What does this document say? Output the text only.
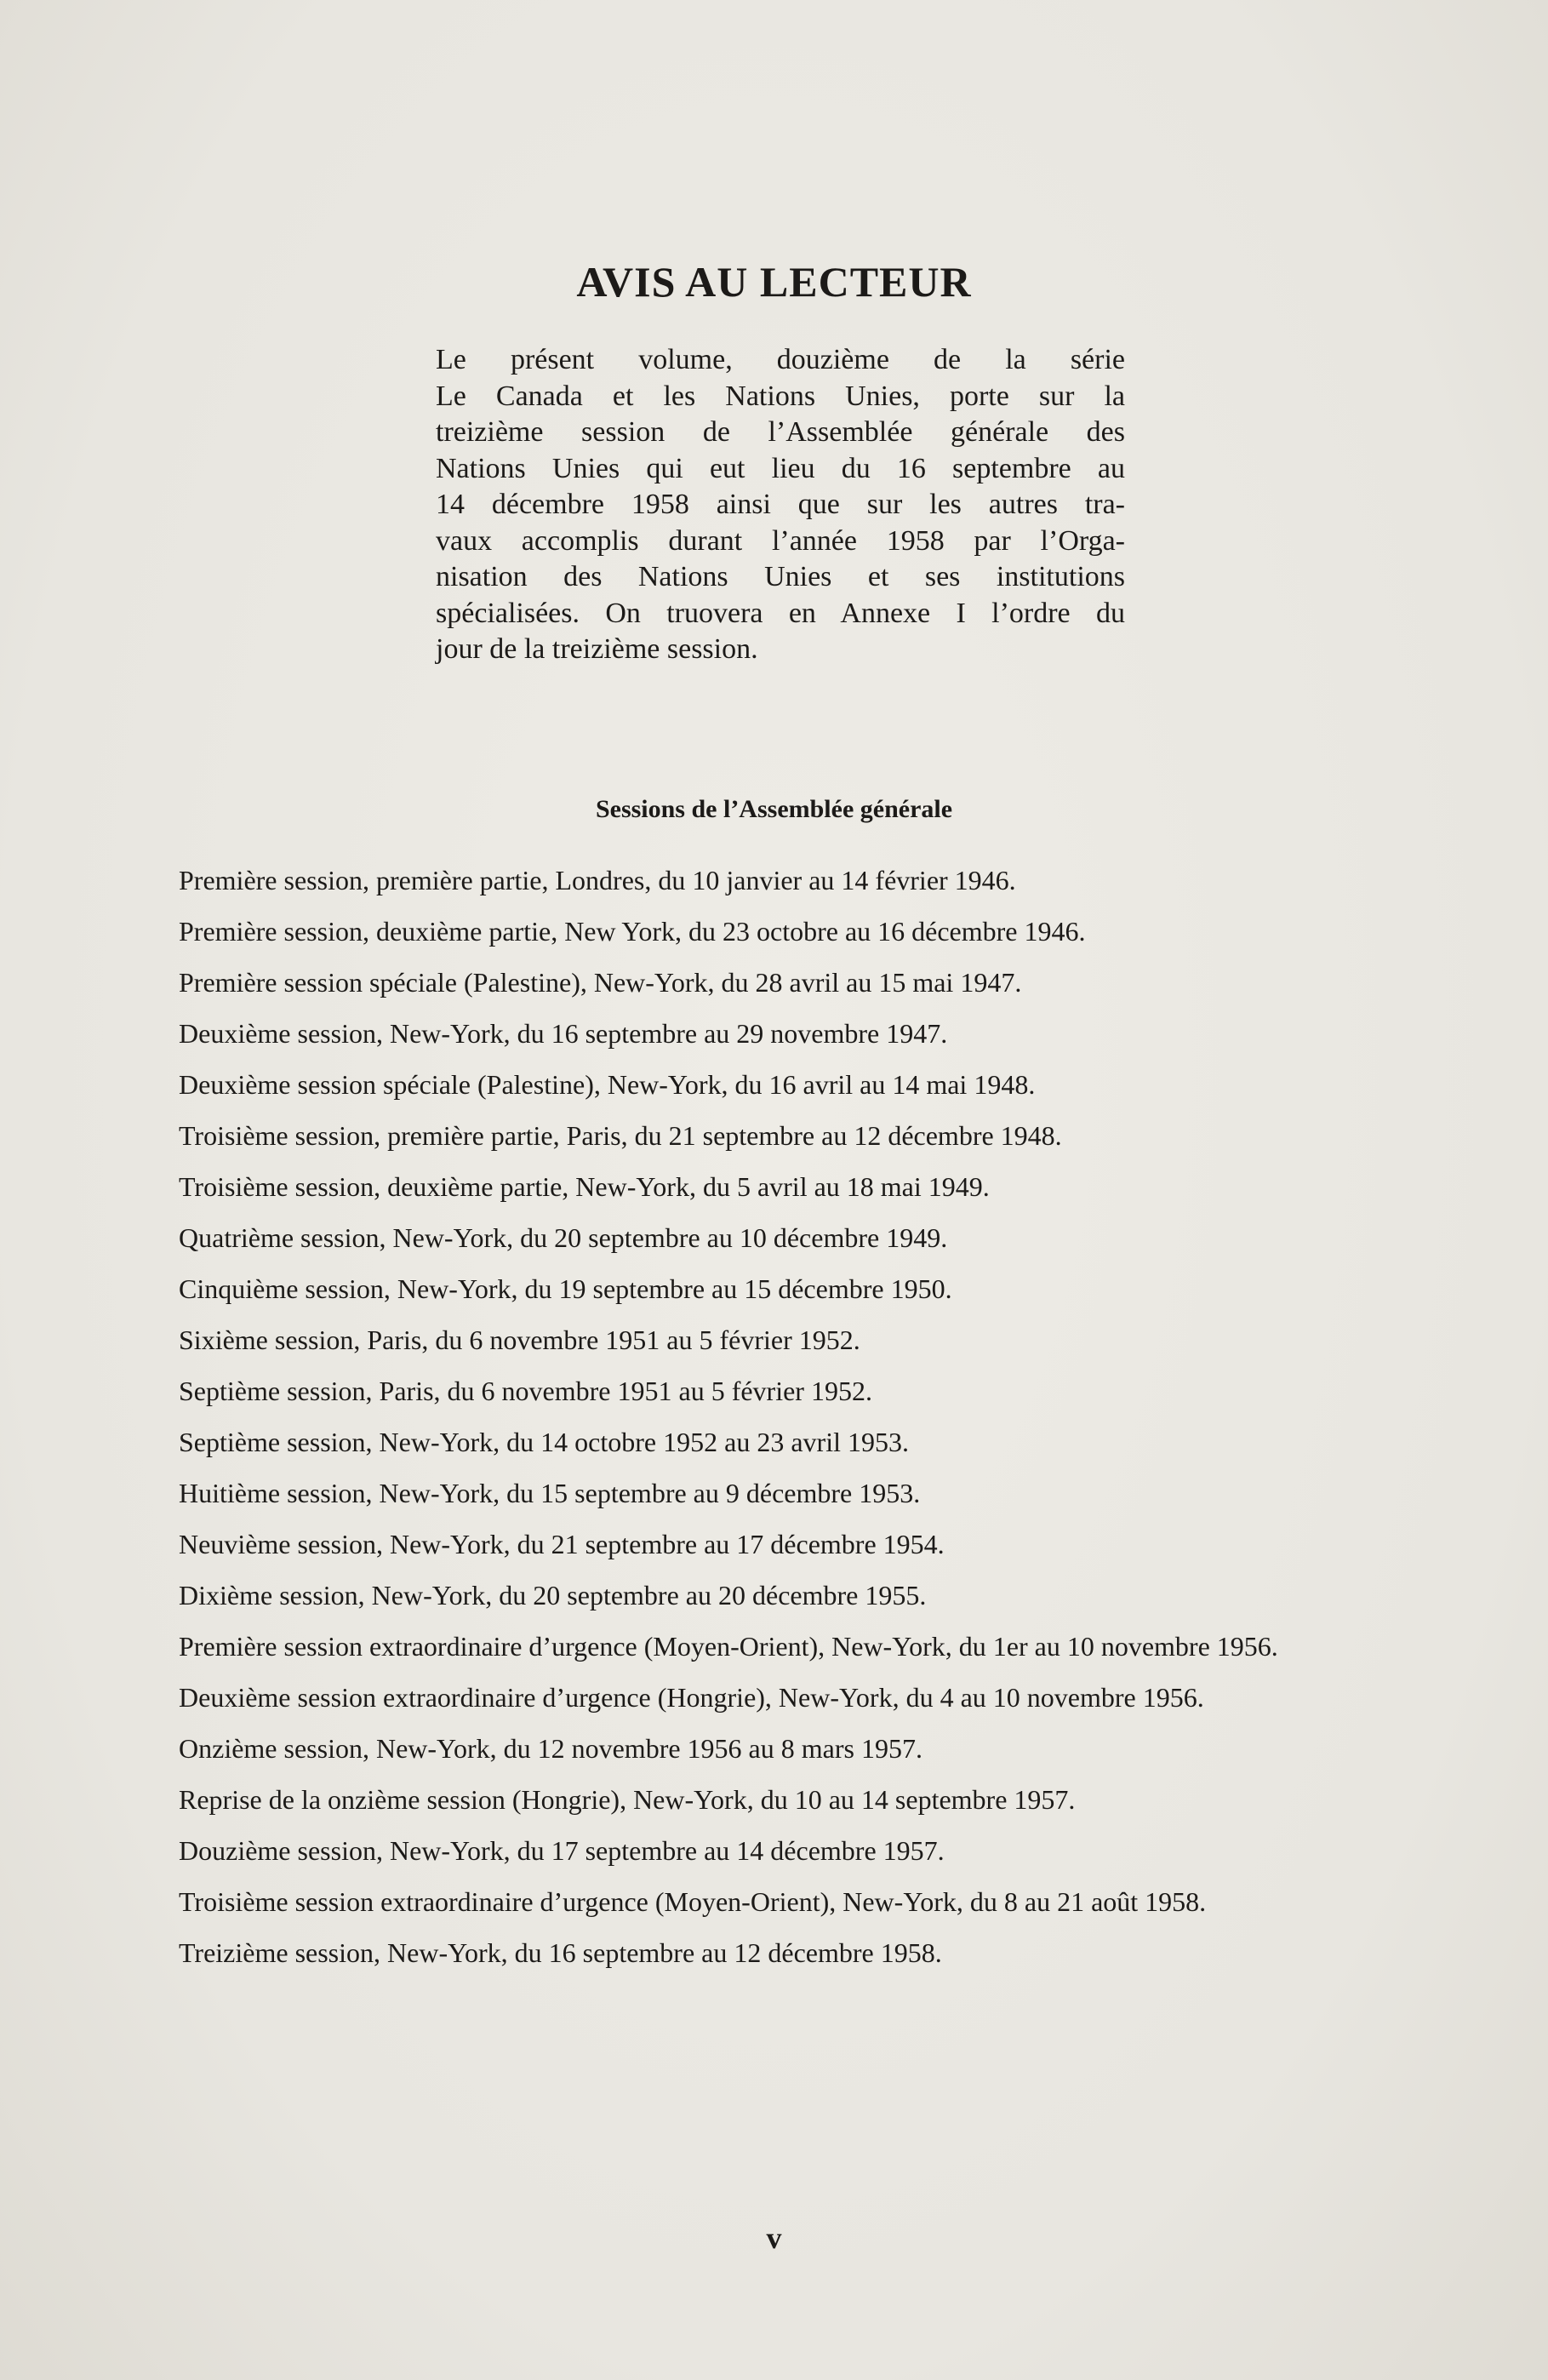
AVIS AU LECTEUR
Le présent volume, douzième de la série
Le Canada et les Nations Unies, porte sur la
treizième session de l’Assemblée générale des
Nations Unies qui eut lieu du 16 septembre au
14 décembre 1958 ainsi que sur les autres tra-
vaux accomplis durant l’année 1958 par l’Orga-
nisation des Nations Unies et ses institutions
spécialisées. On truovera en Annexe I l’ordre du
jour de la treizième session.
Sessions de l’Assemblée générale
Première session, première partie, Londres, du 10 janvier au 14 février 1946.
Première session, deuxième partie, New York, du 23 octobre au 16 décembre 1946.
Première session spéciale (Palestine), New-York, du 28 avril au 15 mai 1947.
Deuxième session, New-York, du 16 septembre au 29 novembre 1947.
Deuxième session spéciale (Palestine), New-York, du 16 avril au 14 mai 1948.
Troisième session, première partie, Paris, du 21 septembre au 12 décembre 1948.
Troisième session, deuxième partie, New-York, du 5 avril au 18 mai 1949.
Quatrième session, New-York, du 20 septembre au 10 décembre 1949.
Cinquième session, New-York, du 19 septembre au 15 décembre 1950.
Sixième session, Paris, du 6 novembre 1951 au 5 février 1952.
Septième session, Paris, du 6 novembre 1951 au 5 février 1952.
Septième session, New-York, du 14 octobre 1952 au 23 avril 1953.
Huitième session, New-York, du 15 septembre au 9 décembre 1953.
Neuvième session, New-York, du 21 septembre au 17 décembre 1954.
Dixième session, New-York, du 20 septembre au 20 décembre 1955.
Première session extraordinaire d’urgence (Moyen-Orient), New-York, du 1er au 10 novembre 1956.
Deuxième session extraordinaire d’urgence (Hongrie), New-York, du 4 au 10 novembre 1956.
Onzième session, New-York, du 12 novembre 1956 au 8 mars 1957.
Reprise de la onzième session (Hongrie), New-York, du 10 au 14 septembre 1957.
Douzième session, New-York, du 17 septembre au 14 décembre 1957.
Troisième session extraordinaire d’urgence (Moyen-Orient), New-York, du 8 au 21 août 1958.
Treizième session, New-York, du 16 septembre au 12 décembre 1958.
v
